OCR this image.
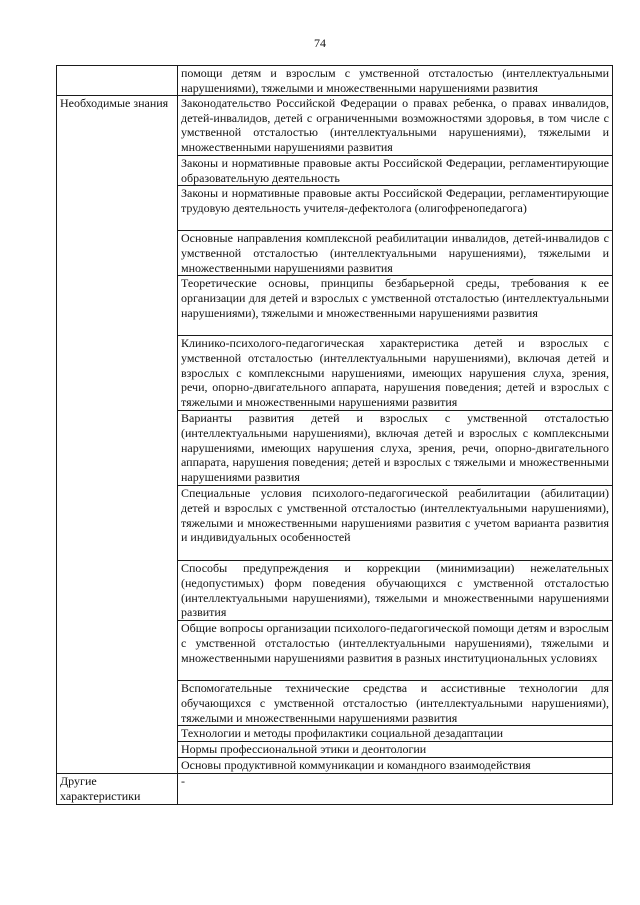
74
	помощи детям и взрослым с умственной отсталостью (интеллектуальными нарушениями), тяжелыми и множественными нарушениями развития
Необходимые знания	Законодательство Российской Федерации о правах ребенка, о правах инвалидов, детей-инвалидов, детей с ограниченными возможностями здоровья, в том числе с умственной отсталостью (интеллектуальными нарушениями), тяжелыми и множественными нарушениями развития
	Законы и нормативные правовые акты Российской Федерации, регламентирующие образовательную деятельность
	Законы и нормативные правовые акты Российской Федерации, регламентирующие трудовую деятельность учителя-дефектолога (олигофренопедагога)
	Основные направления комплексной реабилитации инвалидов, детей-инвалидов с умственной отсталостью (интеллектуальными нарушениями), тяжелыми и множественными нарушениями развития
	Теоретические основы, принципы безбарьерной среды, требования к ее организации для детей и взрослых с умственной отсталостью (интеллектуальными нарушениями), тяжелыми и множественными нарушениями развития
	Клинико-психолого-педагогическая характеристика детей и взрослых с умственной отсталостью (интеллектуальными нарушениями), включая детей и взрослых с комплексными нарушениями, имеющих нарушения слуха, зрения, речи, опорно-двигательного аппарата, нарушения поведения; детей и взрослых с тяжелыми и множественными нарушениями развития
	Варианты развития детей и взрослых с умственной отсталостью (интеллектуальными нарушениями), включая детей и взрослых с комплексными нарушениями, имеющих нарушения слуха, зрения, речи, опорно-двигательного аппарата, нарушения поведения; детей и взрослых с тяжелыми и множественными нарушениями развития
	Специальные условия психолого-педагогической реабилитации (абилитации) детей и взрослых с умственной отсталостью (интеллектуальными нарушениями), тяжелыми и множественными нарушениями развития с учетом варианта развития и индивидуальных особенностей
	Способы предупреждения и коррекции (минимизации) нежелательных (недопустимых) форм поведения обучающихся с умственной отсталостью (интеллектуальными нарушениями), тяжелыми и множественными нарушениями развития
	Общие вопросы организации психолого-педагогической помощи детям и взрослым с умственной отсталостью (интеллектуальными нарушениями), тяжелыми и множественными нарушениями развития в разных институциональных условиях
	Вспомогательные технические средства и ассистивные технологии для обучающихся с умственной отсталостью (интеллектуальными нарушениями), тяжелыми и множественными нарушениями развития
	Технологии и методы профилактики социальной дезадаптации
	Нормы профессиональной этики и деонтологии
	Основы продуктивной коммуникации и командного взаимодействия
Другие характеристики	-
